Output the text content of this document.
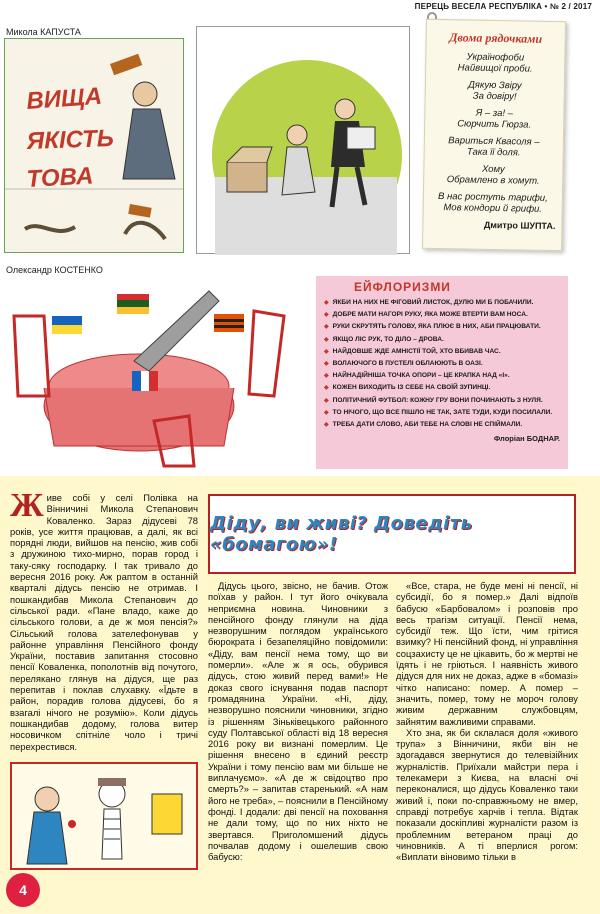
ПЕРЕЦЬ ВЕСЕЛА РЕСПУБЛІКА • № 2 / 2017
Микола КАПУСТА
ВИЩА
ЯКІСТЬ
ТОВА
Двома рядочками
Українофоби
Найвищої проби.
Дякую Звіру
За довіру!
Я – за! –
Сюрчить Гюрза.
Вариться Квасоля –
Така її доля.
Хому
Обрамлено в хомут.
В нас ростуть тарифи,
Мов кондори й грифи.
Дмитро ШУПТА.
Олександр КОСТЕНКО
ЕЙФЛОРИЗМИ
◆ ЯКБИ НА НИХ НЕ ФІГОВИЙ ЛИСТОК, ДУЛЮ МИ Б ПОБАЧИЛИ.
◆ ДОБРЕ МАТИ НАГОРІ РУКУ, ЯКА МОЖЕ ВТЕРТИ ВАМ НОСА.
◆ РУКИ СКРУТЯТЬ ГОЛОВУ, ЯКА ПЛЮЄ В НИХ, АБИ ПРАЦЮВАТИ.
◆ ЯКЩО ЛІС РУК, ТО ДІЛО – ДРОВА.
◆ НАЙДОВШЕ ЖДЕ АМНІСТІЇ ТОЙ, ХТО ВБИВАВ ЧАС.
◆ ВОЛАЮЧОГО В ПУСТЕЛІ ОБЛАЮЮТЬ В ОАЗІ.
◆ НАЙНАДІЙНІША ТОЧКА ОПОРИ – ЦЕ КРАПКА НАД «І».
◆ КОЖЕН ВИХОДИТЬ ІЗ СЕБЕ НА СВОЇЙ ЗУПИНЦІ.
◆ ПОЛІТИЧНИЙ ФУТБОЛ: КОЖНУ ГРУ ВОНИ ПОЧИНАЮТЬ З НУЛЯ.
◆ ТО НІЧОГО, ЩО ВСЕ ПІШЛО НЕ ТАК, ЗАТЕ ТУДИ, КУДИ ПОСИЛАЛИ.
◆ ТРЕБА ДАТИ СЛОВО, АБИ ТЕБЕ НА СЛОВІ НЕ СПІЙМАЛИ.
Флоріан БОДНАР.
Діду, ви живі? Доведіть «бомагою»!
Ж иве собі у селі Полівка на Вінничині Микола Степанович Коваленко. Зараз дідусеві 78 років, усе життя працював, а далі, як всі порядні люди, вийшов на пенсію, жив собі з дружиною тихо-мирно, порав город і таку-сяку господарку. І так тривало до вересня 2016 року. Аж раптом в останній кварталі дідусь пенсію не отримав. І пошкандибав Микола Степанович до сільської ради. «Пане владо, каже до сільського голови, а де ж моя пенсія?» Сільський голова зателефонував у районне управління Пенсійного фонду України, поставив запитання стосовно пенсії Коваленка, пополотнів від почутого, перелякано глянув на дідуся, ще раз перепитав і поклав слухавку. «Їдьте в район, порадив голова дідусеві, бо я взагалі нічого не розумію». Коли дідусь пошкандибав додому, голова витер носовичком спітніле чоло і тричі перехрестився.

Дідусь цього, звісно, не бачив. Отож поїхав у район. І тут його очікувала неприємна новина. Чиновники з пенсійного фонду глянули на діда незворушним поглядом українського бюрократа і безапеляційно повідомили: «Діду, вам пенсії нема тому, що ви померли». «Але ж я ось, обурився дідусь, стою живий перед вами!» Не доказ свого існування подав паспорт громадянина України. «Ні, діду, незворушно пояснили чиновники, згідно із рішенням Зіньківецького районного суду Полтавської області від 18 вересня 2016 року ви визнані померлим. Це рішення внесено в єдиний реєстр України і тому пенсію вам ми більше не виплачуємо». «А де ж свідоцтво про смерть?» – запитав старенький. «А нам його не треба», – пояснили в Пенсійному фонді. І додали: дві пенсії на поховання не дали тому, що по них ніхто не звертався. Приголомшений дідусь почвалав додому і ошелешив свою бабусю:

«Все, стара, не буде мені ні пенсії, ні субсидії, бо я помер.» Далі відпоїв бабусю «Барбовалом» і розповів про весь трагізм ситуації. Пенсії нема, субсидії теж. Що їсти, чим грітися взимку? Ні пенсійний фонд, ні управління соцзахисту це не цікавить, бо ж мертві не їдять і не гріються. І наявність живого дідуся для них не доказ, адже в «бомазі» чітко написано: помер. А помер – значить, помер, тому не мороч голову живим державним службовцям, зайнятим важливими справами.

Хто зна, як би склалася доля «живого трупа» з Вінничини, якби він не здогадався звернутися до телевізійних журналістів. Приїхали майстри пера і телекамери з Києва, на власні очі переконалися, що дідусь Коваленко таки живий і, поки по-справжньому не вмер, справді потребує харчів і тепла. Відтак показали доскіпливі журналісти разом із проблемним ветераном праці до чиновників. А ті вперлися рогом: «Виплати віновимо тільки в

4
